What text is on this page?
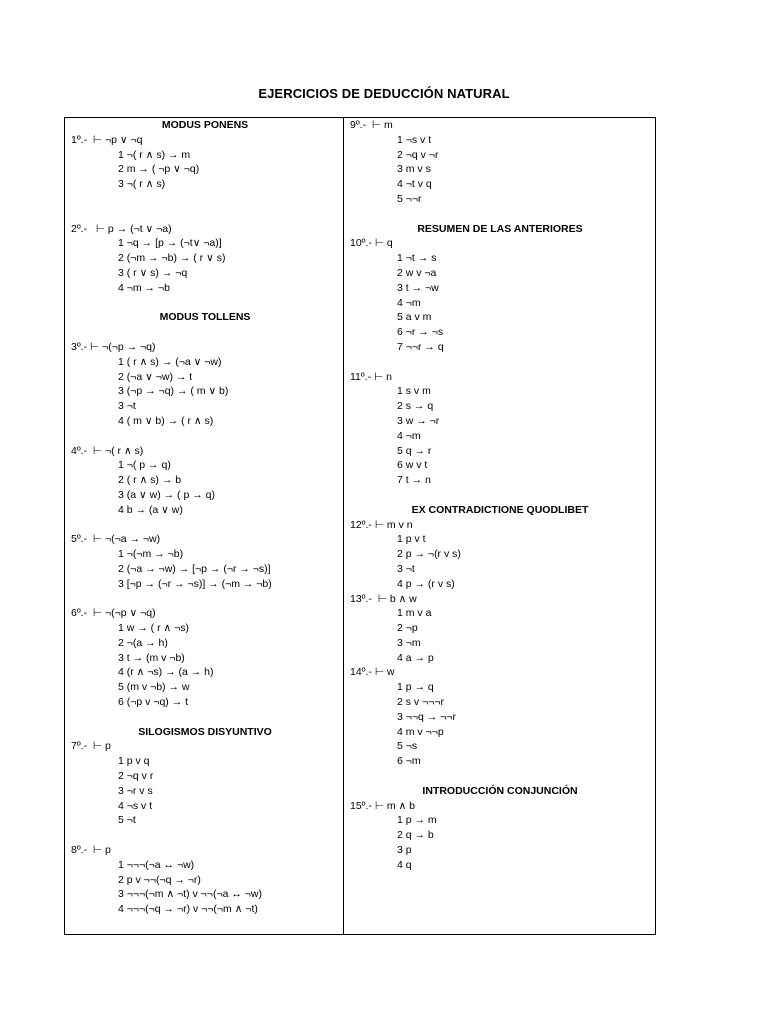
EJERCICIOS DE DEDUCCIÓN NATURAL
MODUS PONENS
1º.-  ⊢ ¬p ∨ ¬q
1 ¬( r ∧ s) → m
2 m → ( ¬p ∨ ¬q)
3 ¬( r ∧ s)
2º.-   ⊢ p → (¬t ∨ ¬a)
1 ¬q → [p → (¬t∨ ¬a)]
2 (¬m → ¬b) → ( r ∨ s)
3 ( r ∨ s) → ¬q
4 ¬m → ¬b
MODUS TOLLENS
3º.- ⊢ ¬(¬p → ¬q)
1 ( r ∧ s) → (¬a ∨ ¬w)
2 (¬a ∨ ¬w) → t
3 (¬p → ¬q) → ( m ∨ b)
3 ¬t
4 ( m ∨ b) → ( r ∧ s)
4º.-  ⊢ ¬( r ∧ s)
1 ¬( p → q)
2 ( r ∧ s) → b
3 (a ∨ w) → ( p → q)
4 b → (a ∨ w)
5º.-  ⊢ ¬(¬a → ¬w)
1 ¬(¬m → ¬b)
2 (¬a → ¬w) → [¬p → (¬r → ¬s)]
3 [¬p → (¬r → ¬s)] → (¬m → ¬b)
6º.-  ⊢ ¬(¬p ∨ ¬q)
1 w → ( r ∧ ¬s)
2 ¬(a → h)
3 t → (m v ¬b)
4 (r ∧ ¬s) → (a → h)
5 (m v ¬b) → w
6 (¬p v ¬q) → t
SILOGISMOS DISYUNTIVO
7º.-  ⊢ p
1 p v q
2 ¬q v r
3 ¬r v s
4 ¬s v t
5 ¬t
8º.-  ⊢ p
1 ¬¬¬(¬a ↔ ¬w)
2 p v ¬¬(¬q → ¬r)
3 ¬¬¬(¬m ∧ ¬t) v ¬¬(¬a ↔ ¬w)
4 ¬¬¬(¬q → ¬r) v ¬¬(¬m ∧ ¬t)
9º.-  ⊢ m
1 ¬s v t
2 ¬q v ¬r
3 m v s
4 ¬t v q
5 ¬¬r
RESUMEN DE LAS ANTERIORES
10º.- ⊢ q
1 ¬t → s
2 w v ¬a
3 t → ¬w
4 ¬m
5 a v m
6 ¬r → ¬s
7 ¬¬r → q
11º.- ⊢ n
1 s v m
2 s → q
3 w → ¬r
4 ¬m
5 q → r
6 w v t
7 t → n
EX CONTRADICTIONE QUODLIBET
12º.- ⊢ m v n
1 p v t
2 p → ¬(r v s)
3 ¬t
4 p → (r v s)
13º.-  ⊢ b ∧ w
1 m v a
2 ¬p
3 ¬m
4 a → p
14º.- ⊢ w
1 p → q
2 s v ¬¬¬r
3 ¬¬q → ¬¬r
4 m v ¬¬p
5 ¬s
6 ¬m
INTRODUCCIÓN CONJUNCIÓN
15º.- ⊢ m ∧ b
1 p → m
2 q → b
3 p
4 q
